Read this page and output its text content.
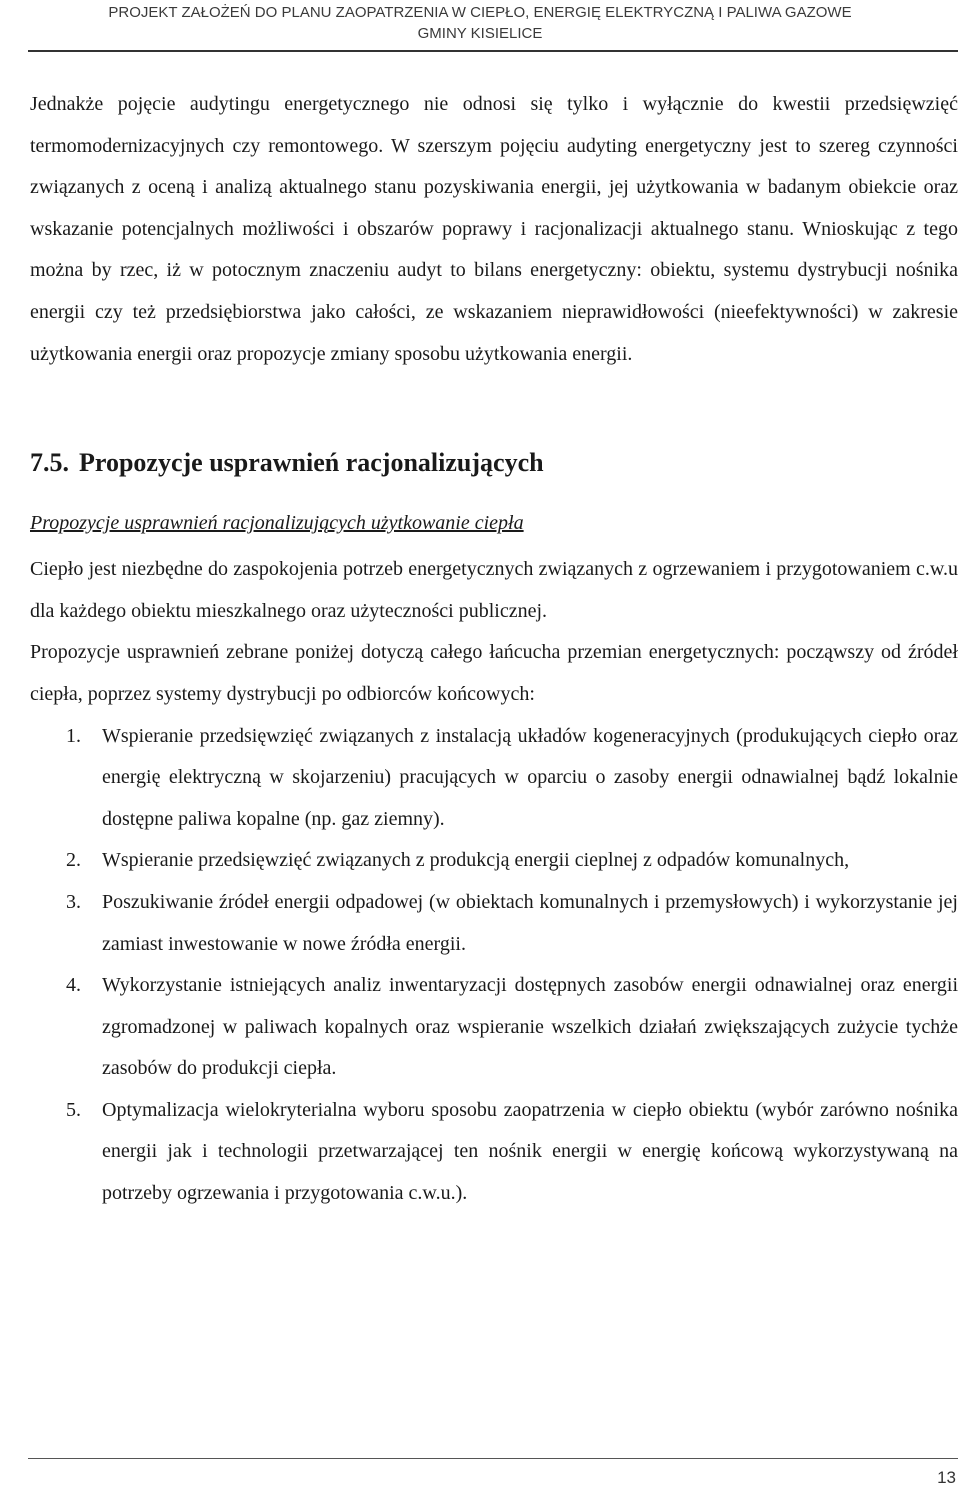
PROJEKT ZAŁOŻEŃ DO PLANU ZAOPATRZENIA W CIEPŁO, ENERGIĘ ELEKTRYCZNĄ I PALIWA GAZOWE
GMINY KISIELICE

Jednakże pojęcie audytingu energetycznego nie odnosi się tylko i wyłącznie do kwestii przedsięwzięć termomodernizacyjnych czy remontowego. W szerszym pojęciu audyting energetyczny jest to szereg czynności związanych z oceną i analizą aktualnego stanu pozyskiwania energii, jej użytkowania w badanym obiekcie oraz wskazanie potencjalnych możliwości i obszarów poprawy i racjonalizacji aktualnego stanu. Wnioskując z tego można by rzec, iż w potocznym znaczeniu audyt to bilans energetyczny: obiektu, systemu dystrybucji nośnika energii czy też przedsiębiorstwa jako całości, ze wskazaniem nieprawidłowości (nieefektywności) w zakresie użytkowania energii oraz propozycje zmiany sposobu użytkowania energii.

7.5. Propozycje usprawnień racjonalizujących
Propozycje usprawnień racjonalizujących użytkowanie ciepła

Ciepło jest niezbędne do zaspokojenia potrzeb energetycznych związanych z ogrzewaniem i przygotowaniem c.w.u dla każdego obiektu mieszkalnego oraz użyteczności publicznej.

Propozycje usprawnień zebrane poniżej dotyczą całego łańcucha przemian energetycznych: począwszy od źródeł ciepła, poprzez systemy dystrybucji po odbiorców końcowych:

1. Wspieranie przedsięwzięć związanych z instalacją układów kogeneracyjnych (produkujących ciepło oraz energię elektryczną w skojarzeniu) pracujących w oparciu o zasoby energii odnawialnej bądź lokalnie dostępne paliwa kopalne (np. gaz ziemny).
2. Wspieranie przedsięwzięć związanych z produkcją energii cieplnej z odpadów komunalnych,
3. Poszukiwanie źródeł energii odpadowej (w obiektach komunalnych i przemysłowych) i wykorzystanie jej zamiast inwestowanie w nowe źródła energii.
4. Wykorzystanie istniejących analiz inwentaryzacji dostępnych zasobów energii odnawialnej oraz energii zgromadzonej w paliwach kopalnych oraz wspieranie wszelkich działań zwiększających zużycie tychże zasobów do produkcji ciepła.
5. Optymalizacja wielokryterialna wyboru sposobu zaopatrzenia w ciepło obiektu (wybór zarówno nośnika energii jak i technologii przetwarzającej ten nośnik energii w energię końcową wykorzystywaną na potrzeby ogrzewania i przygotowania c.w.u.).
13
